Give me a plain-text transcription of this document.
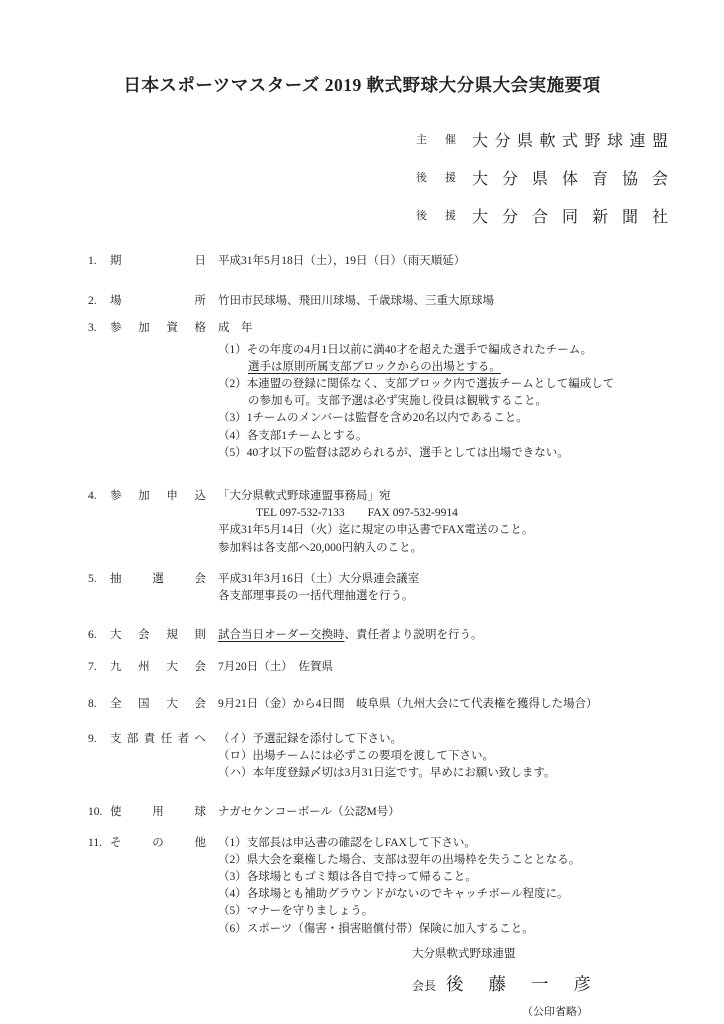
日本スポーツマスターズ 2019 軟式野球大分県大会実施要項
主催 大分県軟式野球連盟
後援 大分県体育協会
後援 大分合同新聞社
1.	期日 平成31年5月18日（土），19日（日）（雨天順延）
2.	場所 竹田市民球場、飛田川球場、千歳球場、三重大原球場
3.	参加資格 成　年
（1）その年度の4月1日以前に満40才を超えた選手で編成されたチーム。
選手は原則所属支部ブロックからの出場とする。
（2）本連盟の登録に関係なく、支部ブロック内で選抜チームとして編成して
の参加も可。支部予選は必ず実施し役員は観戦すること。
（3）1チームのメンバーは監督を含め20名以内であること。
（4）各支部1チームとする。
（5）40才以下の監督は認められるが、選手としては出場できない。
4.	参加申込 「大分県軟式野球連盟事務局」宛
TEL 097-532-7133　　FAX 097-532-9914
平成31年5月14日（火）迄に規定の申込書でFAX電送のこと。
参加料は各支部へ20,000円納入のこと。
5.	抽選会 平成31年3月16日（土）大分県連会議室
各支部理事長の一括代理抽選を行う。
6.	大会規則 試合当日オーダー交換時、責任者より説明を行う。
7.	九州大会 7月20日（土）　佐賀県
8.	全国大会 9月21日（金）から4日間　岐阜県（九州大会にて代表権を獲得した場合）
9.	支部責任者へ （イ）予選記録を添付して下さい。
（ロ）出場チームには必ずこの要項を渡して下さい。
（ハ）本年度登録〆切は3月31日迄です。早めにお願い致します。
10. 使用球 ナガセケンコーボール（公認M号）
11. その他 （1）支部長は申込書の確認をしFAXして下さい。
（2）県大会を棄権した場合、支部は翌年の出場枠を失うこととなる。
（3）各球場ともゴミ類は各自で持って帰ること。
（4）各球場とも補助グラウンドがないのでキャッチボール程度に。
（5）マナーを守りましょう。
（6）スポーツ（傷害・損害賠償付帯）保険に加入すること。
大分県軟式野球連盟
会長 後藤一彦
（公印省略）
